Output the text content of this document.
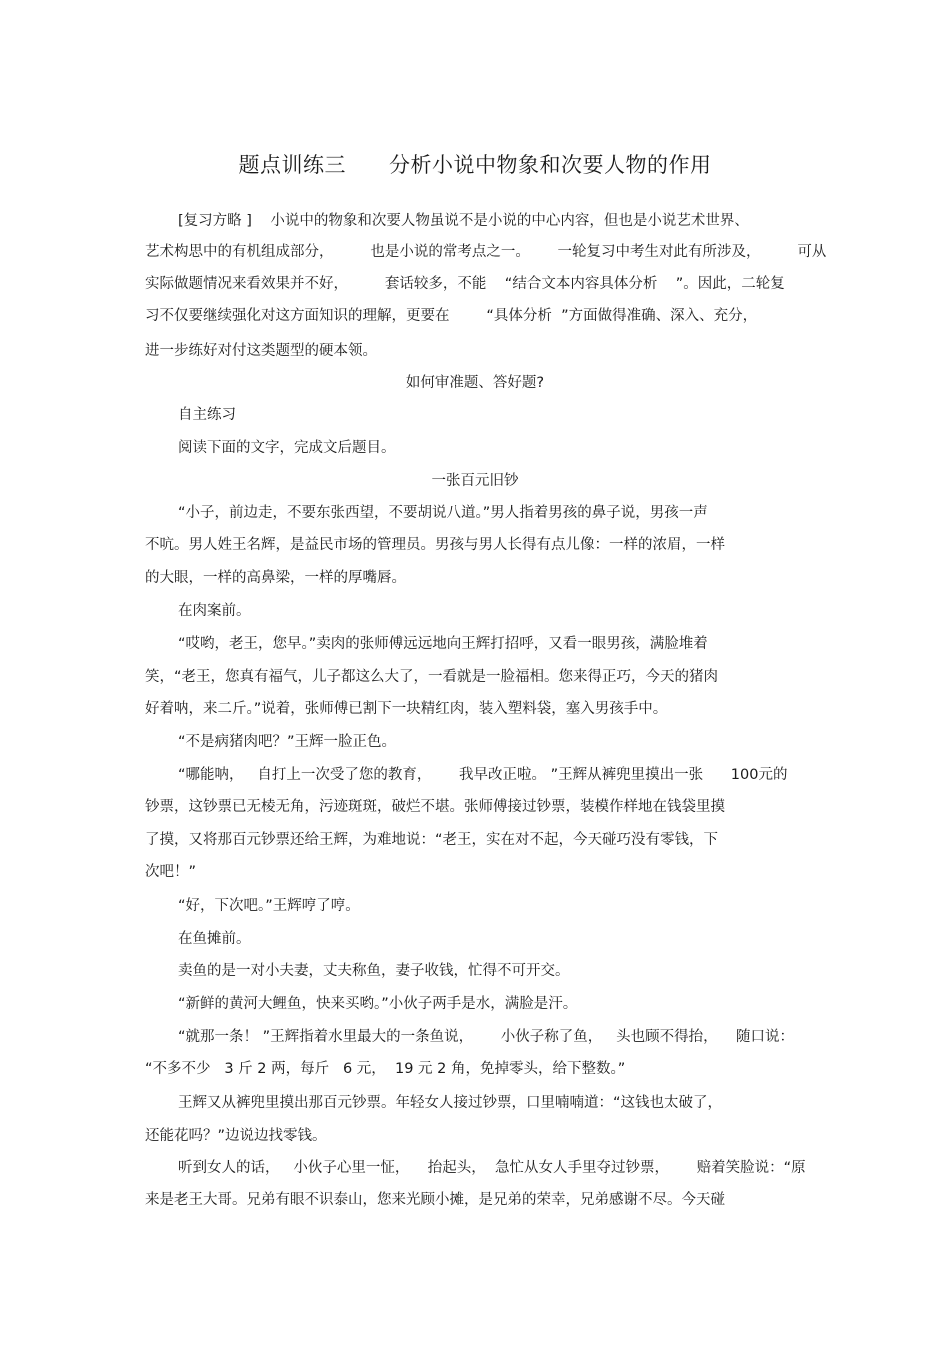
题点训练三      分析小说中物象和次要人物的作用
[复习方略 ]    小说中的物象和次要人物虽说不是小说的中心内容，但也是小说艺术世界、
艺术构思中的有机组成部分，        也是小说的常考点之一。      一轮复习中考生对此有所涉及，        可从
实际做题情况来看效果并不好，        套话较多，不能    “结合文本内容具体分析    ”。因此，二轮复
习不仅要继续强化对这方面知识的理解，更要在        “具体分析  ”方面做得准确、深入、充分，
进一步练好对付这类题型的硬本领。
如何审准题、答好题?
自主练习
阅读下面的文字，完成文后题目。
一张百元旧钞
“小子，前边走，不要东张西望，不要胡说八道。”男人指着男孩的鼻子说，男孩一声
不吭。男人姓王名辉，是益民市场的管理员。男孩与男人长得有点儿像：一样的浓眉，一样
的大眼，一样的高鼻梁，一样的厚嘴唇。
在肉案前。
“哎哟，老王，您早。”卖肉的张师傅远远地向王辉打招呼，又看一眼男孩，满脸堆着
笑，“老王，您真有福气，儿子都这么大了，一看就是一脸福相。您来得正巧，今天的猪肉
好着呐，来二斤。”说着，张师傅已割下一块精红肉，装入塑料袋，塞入男孩手中。
“不是病猪肉吧？”王辉一脸正色。
“哪能呐，   自打上一次受了您的教育，      我早改正啦。 ”王辉从裤兜里摸出一张      100元的
钞票，这钞票已无棱无角，污迹斑斑，破烂不堪。张师傅接过钞票，装模作样地在钱袋里摸
了摸，又将那百元钞票还给王辉，为难地说：“老王，实在对不起，今天碰巧没有零钱，下
次吧！”
“好，下次吧。”王辉哼了哼。
在鱼摊前。
卖鱼的是一对小夫妻，丈夫称鱼，妻子收钱，忙得不可开交。
“新鲜的黄河大鲤鱼，快来买哟。”小伙子两手是水，满脸是汗。
“就那一条！ ”王辉指着水里最大的一条鱼说，      小伙子称了鱼，   头也顾不得抬，    随口说：
“不多不少   3 斤 2 两，每斤   6 元，  19 元 2 角，免掉零头，给下整数。”
王辉又从裤兜里摸出那百元钞票。年轻女人接过钞票，口里喃喃道：“这钱也太破了，
还能花吗？”边说边找零钱。
听到女人的话，   小伙子心里一怔，    抬起头，  急忙从女人手里夺过钞票，      赔着笑脸说：“原
来是老王大哥。兄弟有眼不识泰山，您来光顾小摊，是兄弟的荣幸，兄弟感谢不尽。今天碰
